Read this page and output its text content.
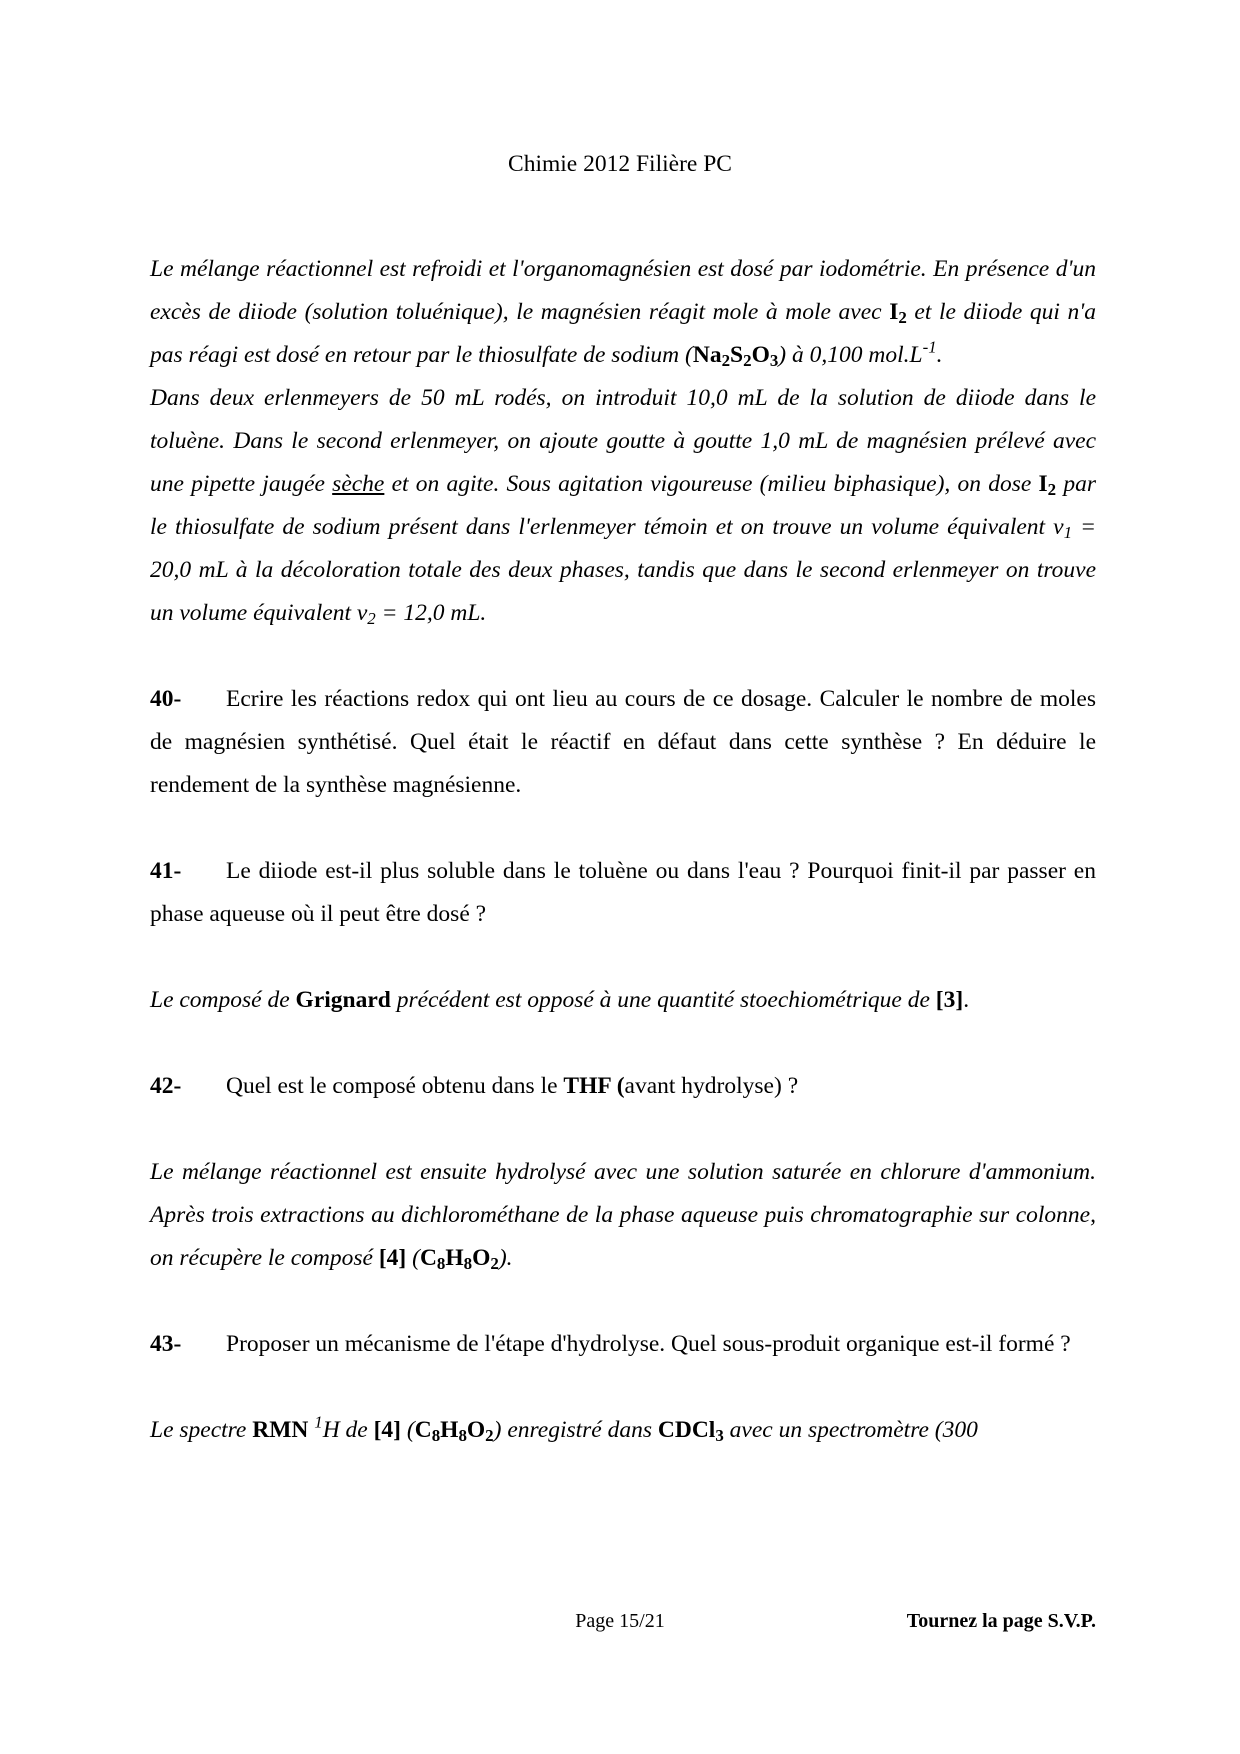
Chimie 2012 Filière PC

Le mélange réactionnel est refroidi et l'organomagnésien est dosé par iodométrie. En présence d'un excès de diiode (solution toluénique), le magnésien réagit mole à mole avec $I_2$ et le diiode qui n'a pas réagi est dosé en retour par le thiosulfate de sodium $(Na_2S_2O_3)$ à 0,100 $mol.L^{-1}$.

Dans deux erlenmeyers de 50 mL rodés, on introduit 10,0 mL de la solution de diiode dans le toluène. Dans le second erlenmeyer, on ajoute goutte à goutte 1,0 mL de magnésien prélevé avec une pipette jaugée sèche et on agite. Sous agitation vigoureuse (milieu biphasique), on dose $I_2$ par le thiosulfate de sodium présent dans l'erlenmeyer témoin et on trouve un volume équivalent $v_1 = 20,0$ mL à la décoloration totale des deux phases, tandis que dans le second erlenmeyer on trouve un volume équivalent $v_2 = 12,0$ mL.

40- Ecrire les réactions redox qui ont lieu au cours de ce dosage. Calculer le nombre de moles de magnésien synthétisé. Quel était le réactif en défaut dans cette synthèse ? En déduire le rendement de la synthèse magnésienne.

41- Le diiode est-il plus soluble dans le toluène ou dans l'eau ? Pourquoi finit-il par passer en phase aqueuse où il peut être dosé ?

Le composé de Grignard précédent est opposé à une quantité stoechiométrique de [3].

42- Quel est le composé obtenu dans le THF (avant hydrolyse) ?

Le mélange réactionnel est ensuite hydrolysé avec une solution saturée en chlorure d'ammonium. Après trois extractions au dichlorométhane de la phase aqueuse puis chromatographie sur colonne, on récupère le composé [4] $(C_8H_8O_2)$.

43- Proposer un mécanisme de l'étape d'hydrolyse. Quel sous-produit organique est-il formé ?

Le spectre RMN $^1$H de [4] $(C_8H_8O_2)$ enregistré dans CDCl$_3$ avec un spectromètre (300

Page 15/21	Tournez la page S.V.P.
